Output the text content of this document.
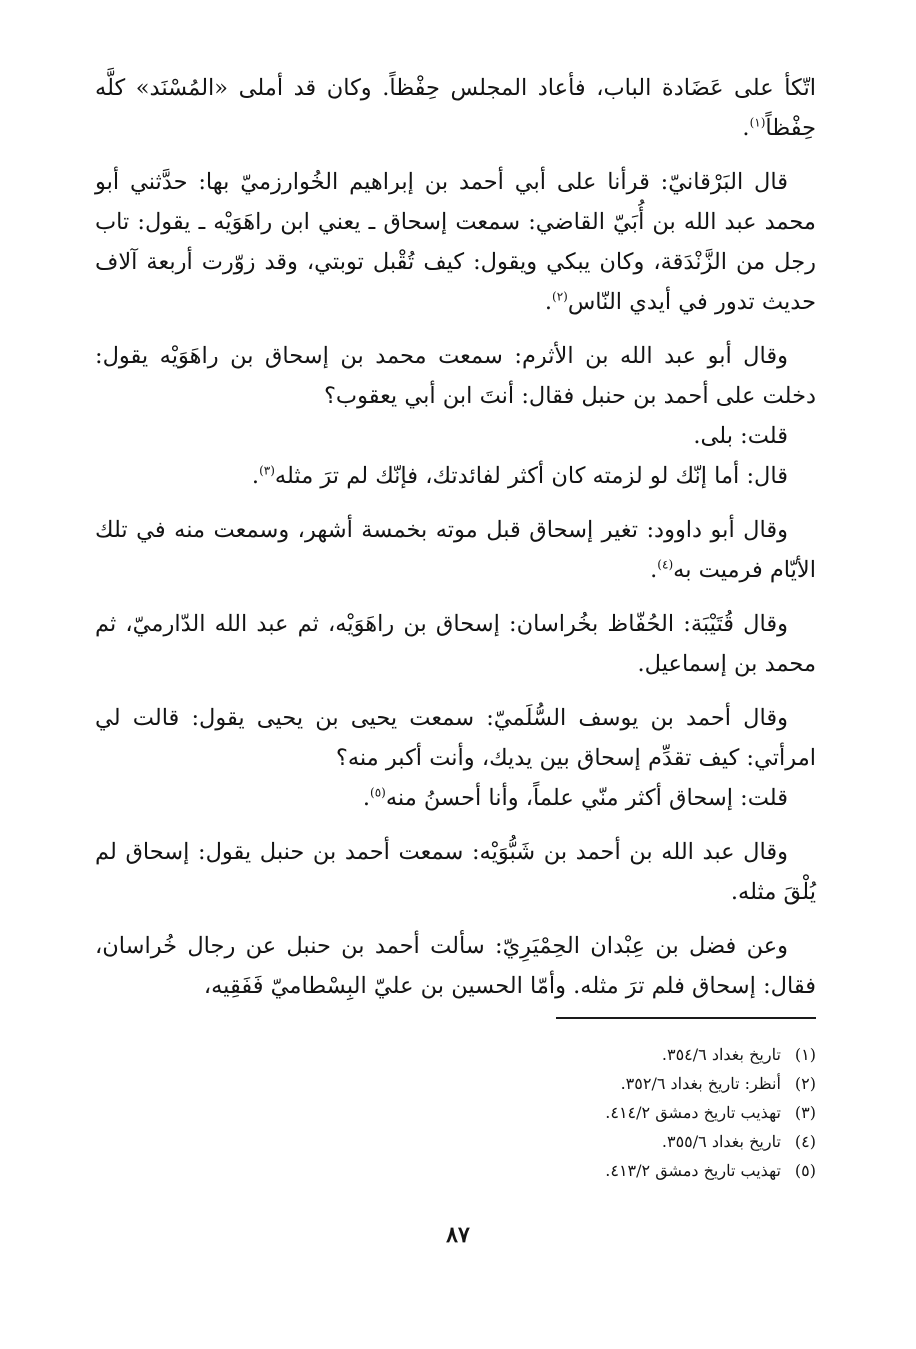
اتّكأ على عَضَادة الباب، فأعاد المجلس حِفْظاً. وكان قد أملى «المُسْنَد» كلَّه حِفْظاً$^{(١)}$.

قال البَرْقانيّ: قرأنا على أبي أحمد بن إبراهيم الخُوارزميّ بها: حدَّثني أبو محمد عبد الله بن أُبَيّ القاضي: سمعت إسحاق ـ يعني ابن راهَوَيْه ـ يقول: تاب رجل من الزَّنْدَقة، وكان يبكي ويقول: كيف تُقْبل توبتي، وقد زوّرت أربعة آلاف حديث تدور في أيدي النّاس$^{(٢)}$.

وقال أبو عبد الله بن الأثرم: سمعت محمد بن إسحاق بن راهَوَيْه يقول: دخلت على أحمد بن حنبل فقال: أنتَ ابن أبي يعقوب؟

قلت: بلى.

قال: أما إنّك لو لزمته كان أكثر لفائدتك، فإنّك لم ترَ مثله$^{(٣)}$.

وقال أبو داوود: تغير إسحاق قبل موته بخمسة أشهر، وسمعت منه في تلك الأيّام فرميت به$^{(٤)}$.

وقال قُتَيْبَة: الحُفّاظ بخُراسان: إسحاق بن راهَوَيْه، ثم عبد الله الدّارميّ، ثم محمد بن إسماعيل.

وقال أحمد بن يوسف السُّلَميّ: سمعت يحيى بن يحيى يقول: قالت لي امرأتي: كيف تقدِّم إسحاق بين يديك، وأنت أكبر منه؟

قلت: إسحاق أكثر منّي علماً، وأنا أحسنُ منه$^{(٥)}$.

وقال عبد الله بن أحمد بن شَبُّوَيْه: سمعت أحمد بن حنبل يقول: إسحاق لم يُلْقَ مثله.

وعن فضل بن عِبْدان الحِمْيَرِيّ: سألت أحمد بن حنبل عن رجال خُراسان، فقال: إسحاق فلم ترَ مثله. وأمّا الحسين بن عليّ البِسْطاميّ فَفَقِيه،

(١) تاريخ بغداد ٣٥٤/٦.
(٢) أنظر: تاريخ بغداد ٣٥٢/٦.
(٣) تهذيب تاريخ دمشق ٤١٤/٢.
(٤) تاريخ بغداد ٣٥٥/٦.
(٥) تهذيب تاريخ دمشق ٤١٣/٢.
٨٧
